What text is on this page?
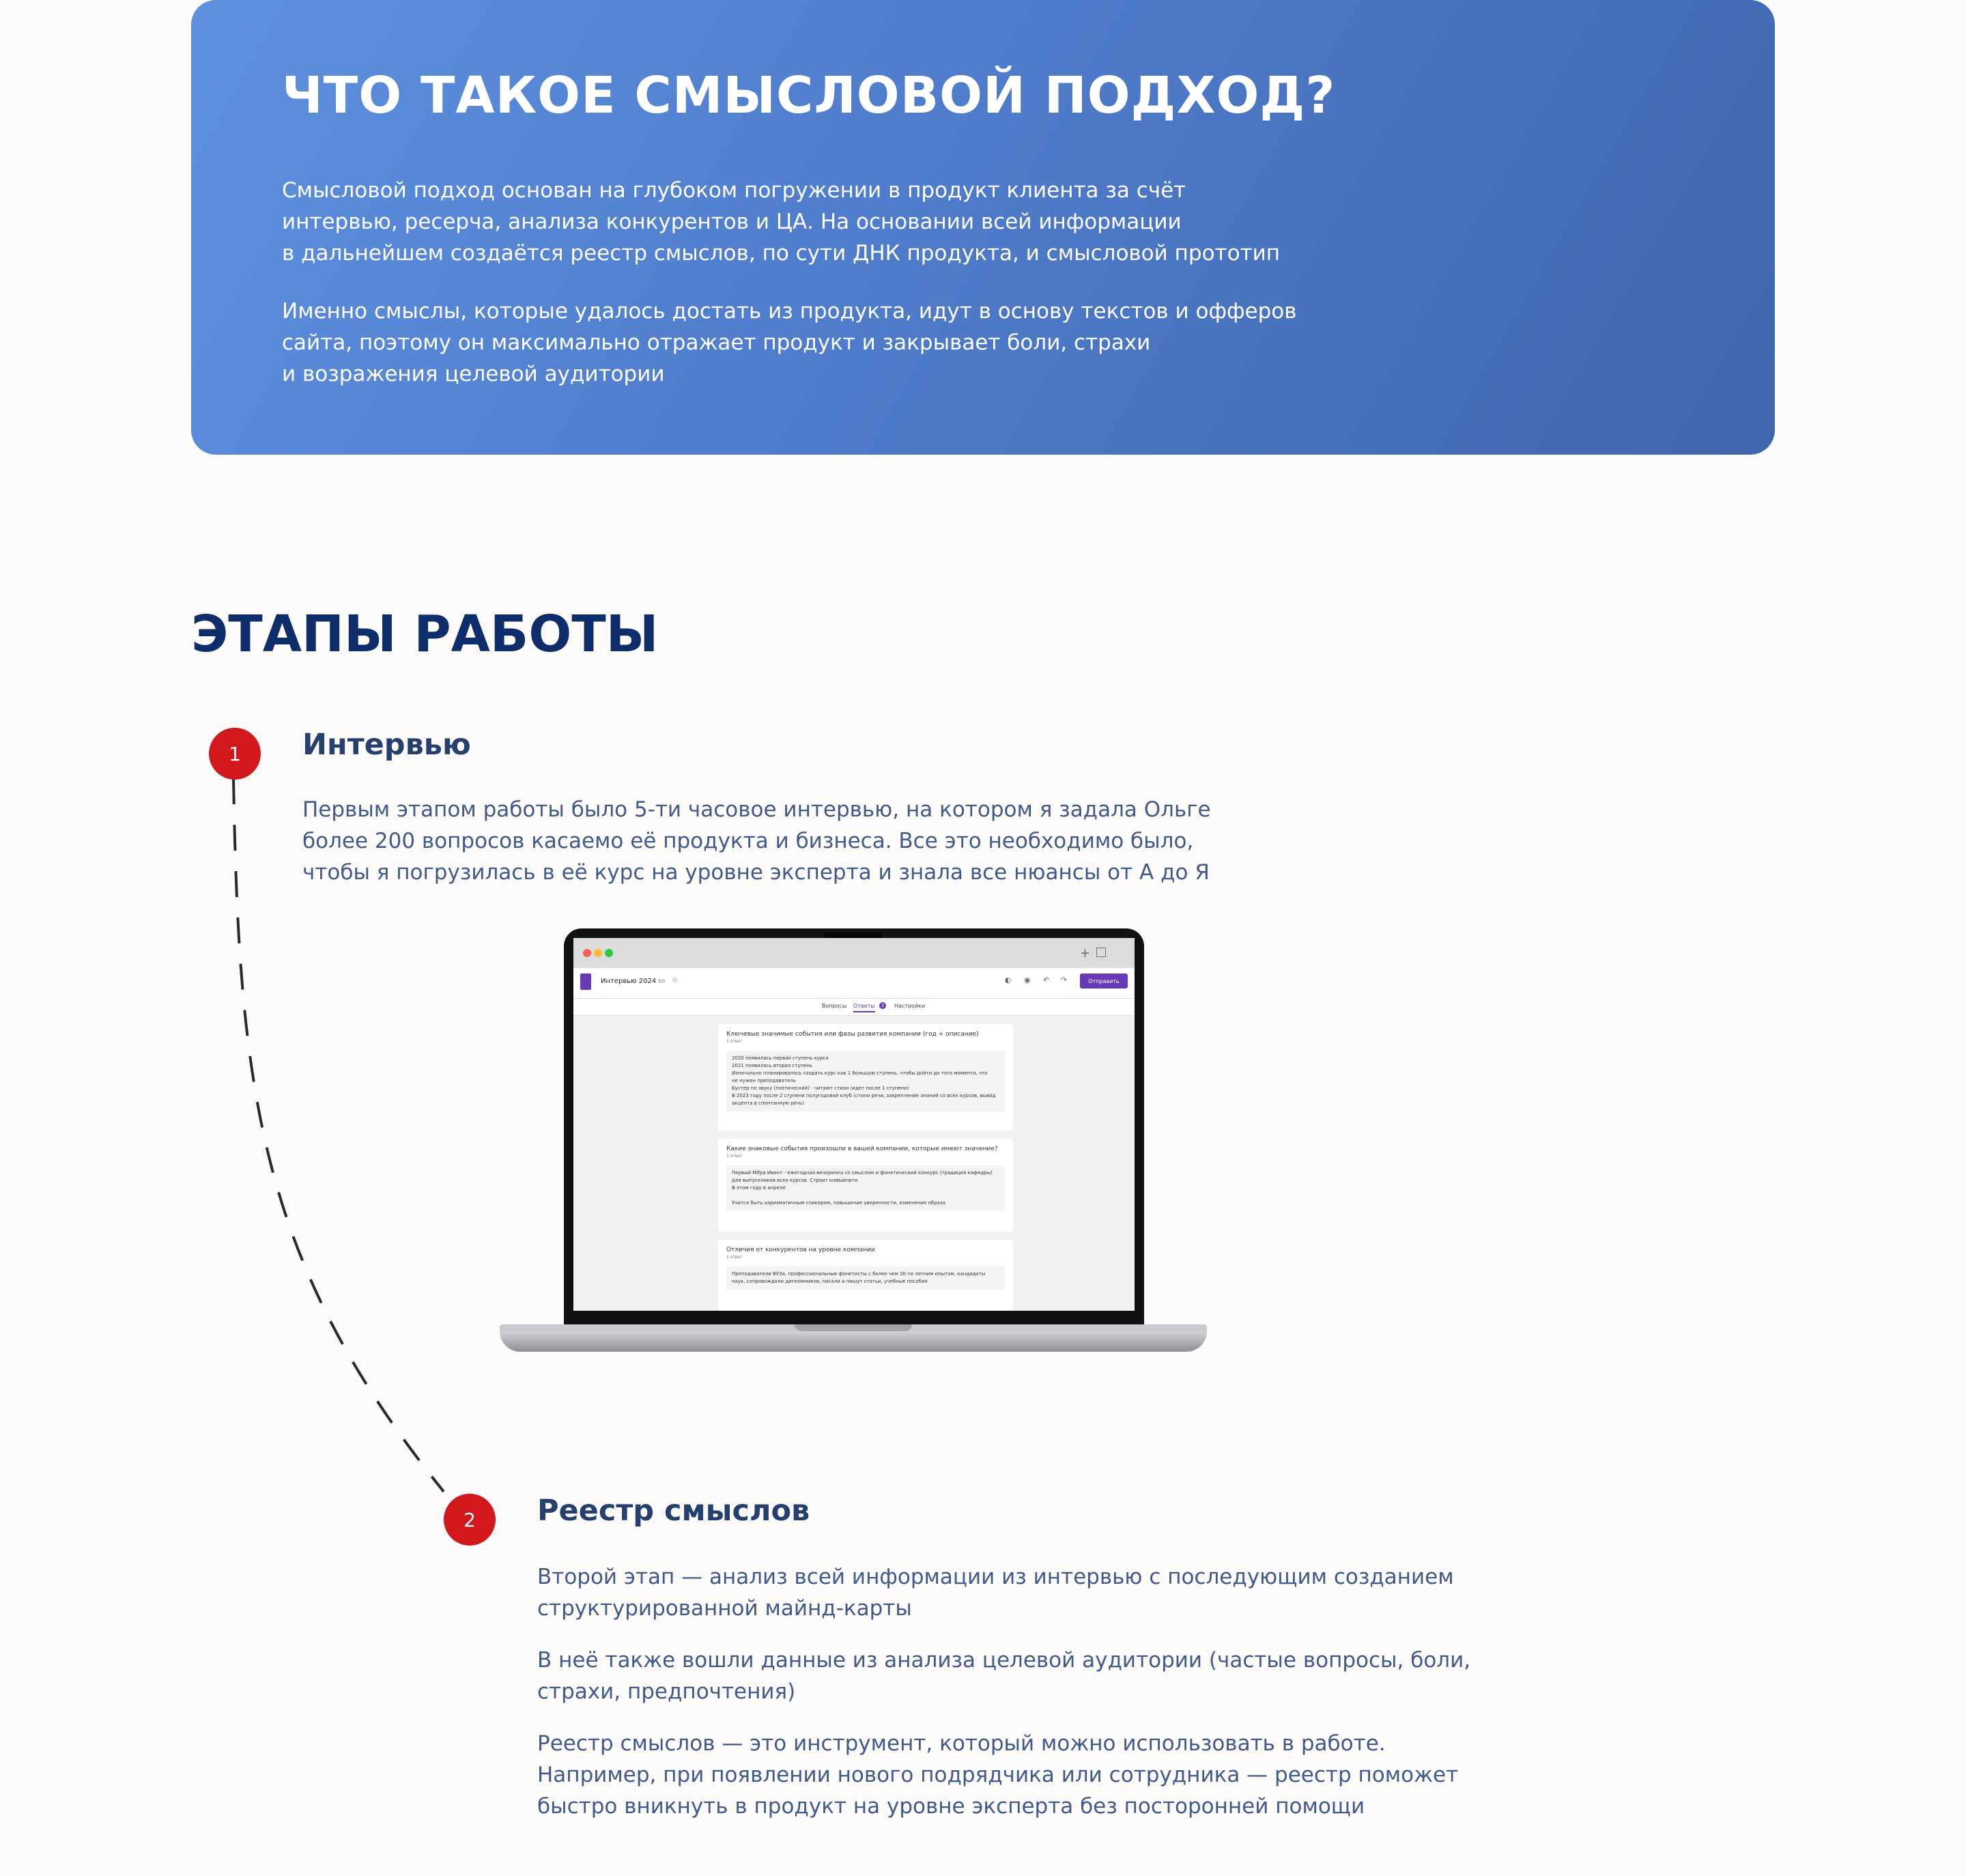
ЧТО ТАКОЕ СМЫСЛОВОЙ ПОДХОД?
Смысловой подход основан на глубоком погружении в продукт клиента за счёт
интервью, ресерча, анализа конкурентов и ЦА. На основании всей информации
в дальнейшем создаётся реестр смыслов, по сути ДНК продукта, и смысловой прототип
Именно смыслы, которые удалось достать из продукта, идут в основу текстов и офферов
сайта, поэтому он максимально отражает продукт и закрывает боли, страхи
и возражения целевой аудитории
ЭТАПЫ РАБОТЫ
1	Интервью
Первым этапом работы было 5-ти часовое интервью, на котором я задала Ольге
более 200 вопросов касаемо её продукта и бизнеса. Все это необходимо было,
чтобы я погрузилась в её курс на уровне эксперта и знала все нюансы от А до Я
+
Интервью 2024 ▭ ☆	◐ ◉ ↶ ↷	Отправить
Вопросы Ответы	3	Настройки
Ключевые значимые события или фазы развития компании (год + описание)
1 ответ
2020 появилась первая ступень курса
2021 появилась вторая ступень
Изначально планировалось создать курс как 1 большую ступень, чтобы дойти до того момента, что
не нужен преподаватель
Бустер по звуку (поэтический) - читают стихи (идет после 1 ступени)
В 2023 году после 2 ступени полугодовой клуб (стили речи, закрепление знаний со всех курсов, вывод
акцента в спонтанную речь)
Какие знаковые события произошли в вашей компании, которые имеют значение?
1 ответ
Первый Mlfpa Ивент - ежегодная вечеринка со смыслом и фонетический конкурс (традиция кафедры)
для выпускников всех курсов. Строит комьюнити
В этом году в апреле
Учится быть харизматичным спикером, повышение уверенности, изменение образа
Отличия от конкурентов на уровне компании
1 ответ
Преподаватели ВУЗа, профессиональные фонетисты с более чем 20-ти летним опытом, кандидаты
наук, сопровождали дипломников, писали и пишут статьи, учебные пособия
2	Реестр смыслов
Второй этап — анализ всей информации из интервью с последующим созданием
структурированной майнд-карты
В неё также вошли данные из анализа целевой аудитории (частые вопросы, боли,
страхи, предпочтения)
Реестр смыслов — это инструмент, который можно использовать в работе.
Например, при появлении нового подрядчика или сотрудника — реестр поможет
быстро вникнуть в продукт на уровне эксперта без посторонней помощи
